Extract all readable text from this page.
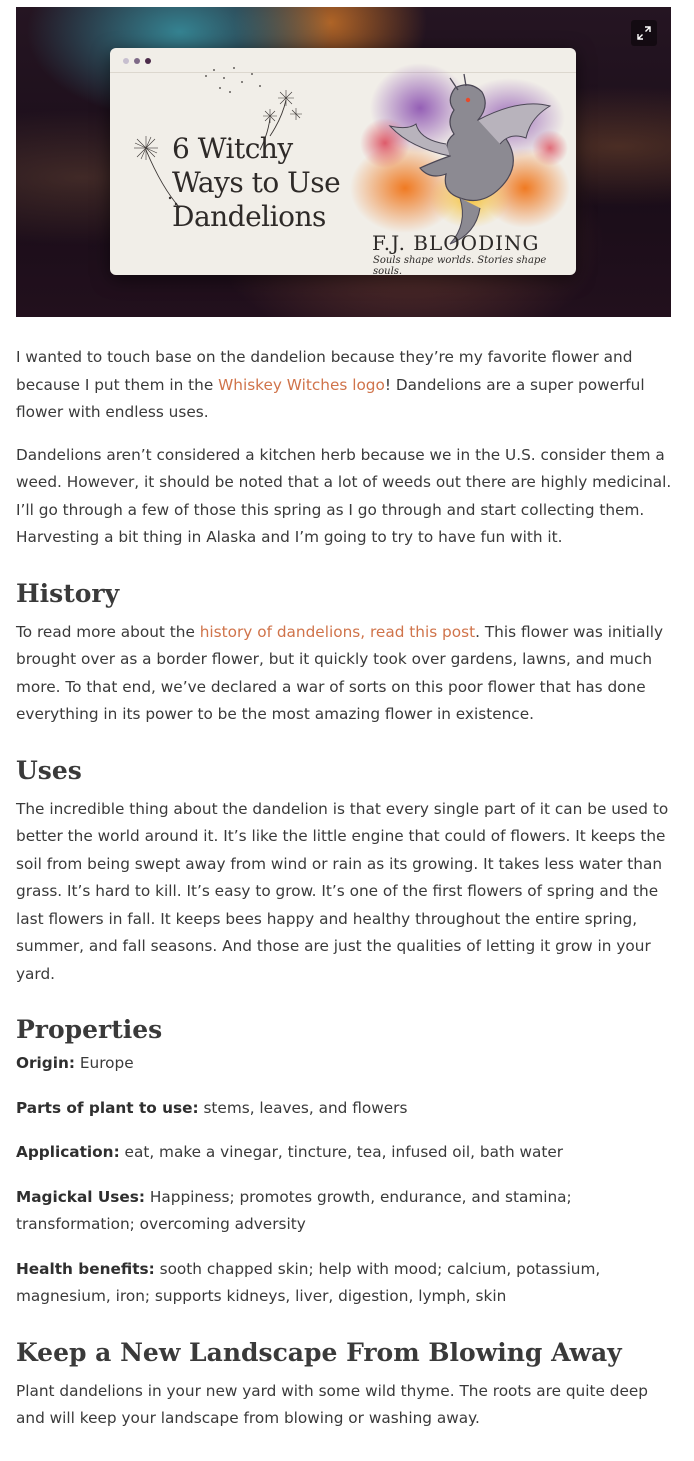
6 Witchy
Ways to Use
Dandelions
F.J. BLOODING
Souls shape worlds. Stories shape souls.

I wanted to touch base on the dandelion because they’re my favorite flower and because I put them in the Whiskey Witches logo! Dandelions are a super powerful flower with endless uses.

Dandelions aren’t considered a kitchen herb because we in the U.S. consider them a weed. However, it should be noted that a lot of weeds out there are highly medicinal. I’ll go through a few of those this spring as I go through and start collecting them. Harvesting a bit thing in Alaska and I’m going to try to have fun with it.

History

To read more about the history of dandelions, read this post. This flower was initially brought over as a border flower, but it quickly took over gardens, lawns, and much more. To that end, we’ve declared a war of sorts on this poor flower that has done everything in its power to be the most amazing flower in existence.

Uses

The incredible thing about the dandelion is that every single part of it can be used to better the world around it. It’s like the little engine that could of flowers. It keeps the soil from being swept away from wind or rain as its growing. It takes less water than grass. It’s hard to kill. It’s easy to grow. It’s one of the first flowers of spring and the last flowers in fall. It keeps bees happy and healthy throughout the entire spring, summer, and fall seasons. And those are just the qualities of letting it grow in your yard.

Properties

Origin: Europe

Parts of plant to use: stems, leaves, and flowers

Application: eat, make a vinegar, tincture, tea, infused oil, bath water

Magickal Uses: Happiness; promotes growth, endurance, and stamina; transformation; overcoming adversity

Health benefits: sooth chapped skin; help with mood; calcium, potassium, magnesium, iron; supports kidneys, liver, digestion, lymph, skin

Keep a New Landscape From Blowing Away

Plant dandelions in your new yard with some wild thyme. The roots are quite deep and will keep your landscape from blowing or washing away.
